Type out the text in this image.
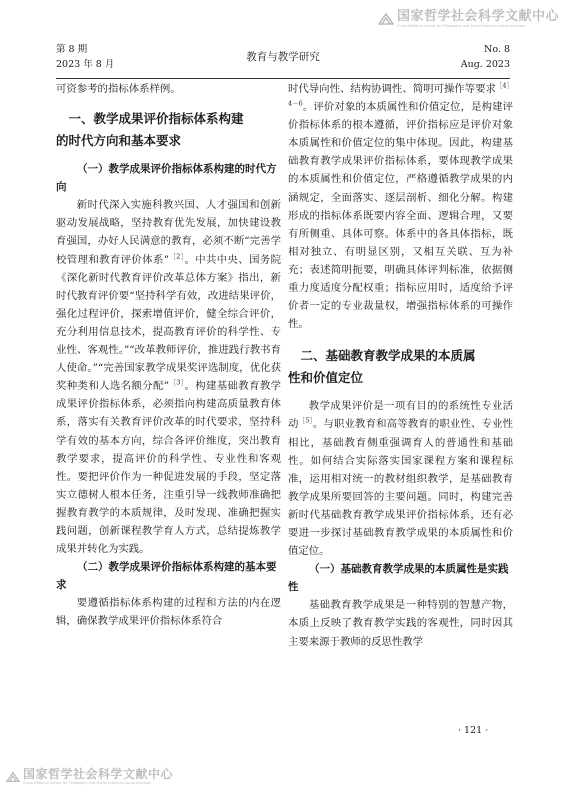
国家哲学社会科学文献中心
China National Center for Philosophy and Social Sciences Documentation
第 8 期
2023 年 8 月
教育与教学研究
No. 8
Aug. 2023

可资参考的指标体系样例。

一、教学成果评价指标体系构建
的时代方向和基本要求

（一）教学成果评价指标体系构建的时代方向

新时代深入实施科教兴国、人才强国和创新驱动发展战略，坚持教育优先发展，加快建设教育强国，办好人民满意的教育，必须不断“完善学校管理和教育评价体系”$^{[2]}$。中共中央、国务院《深化新时代教育评价改革总体方案》指出，新时代教育评价要“坚持科学有效，改进结果评价，强化过程评价，探索增值评价，健全综合评价，充分利用信息技术，提高教育评价的科学性、专业性、客观性。”“改革教师评价，推进践行教书育人使命。”“完善国家教学成果奖评选制度，优化获奖种类和人选名额分配”$^{[3]}$。构建基础教育教学成果评价指标体系，必须指向构建高质量教育体系，落实有关教育评价改革的时代要求，坚持科学有效的基本方向，综合各评价维度，突出教育教学要求，提高评价的科学性、专业性和客观性。要把评价作为一种促进发展的手段，坚定落实立德树人根本任务，注重引导一线教师准确把握教育教学的本质规律，及时发现、准确把握实践问题，创新课程教学育人方式，总结提炼教学成果并转化为实践。

（二）教学成果评价指标体系构建的基本要求

要遵循指标体系构建的过程和方法的内在逻辑，确保教学成果评价指标体系符合

时代导向性、结构协调性、简明可操作等要求$^{[4]4-6}$。评价对象的本质属性和价值定位，是构建评价指标体系的根本遵循，评价指标应是评价对象本质属性和价值定位的集中体现。因此，构建基础教育教学成果评价指标体系，要体现教学成果的本质属性和价值定位，严格遵循教学成果的内涵规定，全面落实、逐层剖析、细化分解。构建形成的指标体系既要内容全面、逻辑合理，又要有所侧重、具体可察。体系中的各具体指标，既相对独立、有明显区别，又相互关联、互为补充；表述简明扼要，明确具体评判标准，依据侧重力度适度分配权重；指标应用时，适度给予评价者一定的专业裁量权，增强指标体系的可操作性。

二、基础教育教学成果的本质属
性和价值定位

教学成果评价是一项有目的的系统性专业活动$^{[5]}$。与职业教育和高等教育的职业性、专业性相比，基础教育侧重强调育人的普通性和基础性。如何结合实际落实国家课程方案和课程标准，运用相对统一的教材组织教学，是基础教育教学成果所要回答的主要问题。同时，构建完善新时代基础教育教学成果评价指标体系，还有必要进一步探讨基础教育教学成果的本质属性和价值定位。

（一）基础教育教学成果的本质属性是实践性

基础教育教学成果是一种特别的智慧产物，本质上反映了教育教学实践的客观性，同时因其主要来源于教师的反思性教学

· 121 ·
国家哲学社会科学文献中心
China National Center for Philosophy and Social Sciences Documentation
